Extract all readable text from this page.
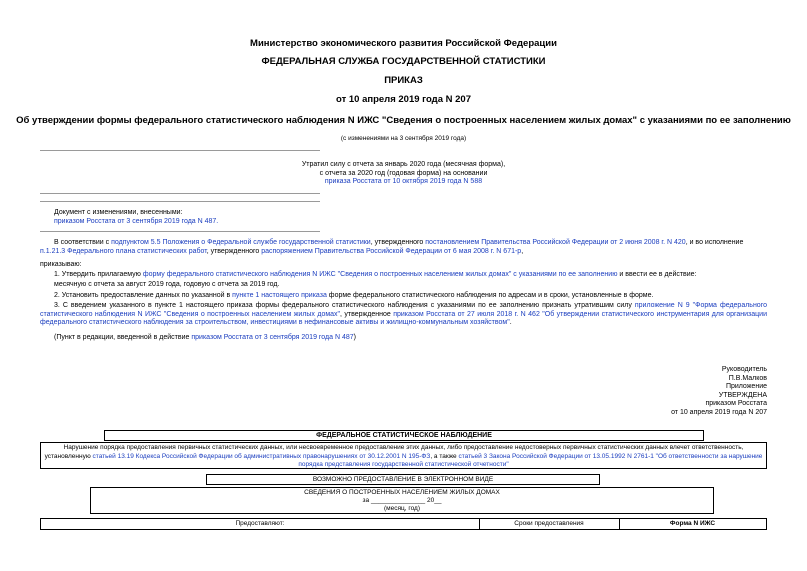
Министерство экономического развития Российской Федерации
ФЕДЕРАЛЬНАЯ СЛУЖБА ГОСУДАРСТВЕННОЙ СТАТИСТИКИ
ПРИКАЗ
от 10 апреля 2019 года N 207
Об утверждении формы федерального статистического наблюдения N ИЖС "Сведения о построенных населением жилых домах" с указаниями по ее заполнению
(с изменениями на 3 сентября 2019 года)
Утратил силу с отчета за январь 2020 года (месячная форма),
с отчета за 2020 год (годовая форма) на основании
приказа Росстата от 10 октября 2019 года N 588
Документ с изменениями, внесенными:
приказом Росстата от 3 сентября 2019 года N 487.
В соответствии с подпунктом 5.5 Положения о Федеральной службе государственной статистики, утвержденного постановлением Правительства Российской Федерации от 2 июня 2008 г. N 420, и во исполнение п.1.21.3 Федерального плана статистических работ, утвержденного распоряжением Правительства Российской Федерации от 6 мая 2008 г. N 671-р,
приказываю:
1. Утвердить прилагаемую форму федерального статистического наблюдения N ИЖС "Сведения о построенных населением жилых домах" с указаниями по ее заполнению и ввести ее в действие:
месячную с отчета за август 2019 года, годовую с отчета за 2019 год.
2. Установить предоставление данных по указанной в пункте 1 настоящего приказа форме федерального статистического наблюдения по адресам и в сроки, установленные в форме.
3. С введением указанного в пункте 1 настоящего приказа формы федерального статистического наблюдения с указаниями по ее заполнению признать утратившим силу приложение N 9 "Форма федерального статистического наблюдения N ИЖС "Сведения о построенных населением жилых домах", утвержденное приказом Росстата от 27 июля 2018 г. N 462 "Об утверждении статистического инструментария для организации федерального статистического наблюдения за строительством, инвестициями в нефинансовые активы и жилищно-коммунальным хозяйством".
(Пункт в редакции, введенной в действие приказом Росстата от 3 сентября 2019 года N 487)
Руководитель
П.В.Малков
Приложение
УТВЕРЖДЕНА
приказом Росстата
от 10 апреля 2019 года N 207
ФЕДЕРАЛЬНОЕ СТАТИСТИЧЕСКОЕ НАБЛЮДЕНИЕ
Нарушение порядка предоставления первичных статистических данных, или несвоевременное предоставление этих данных, либо предоставление недостоверных первичных статистических данных влечет ответственность,
установленную статьей 13.19 Кодекса Российской Федерации об административных правонарушениях от 30.12.2001 N 195-ФЗ, а также статьей 3 Закона Российской Федерации от 13.05.1992 N 2761-1 "Об ответственности за нарушение порядка представления государственной статистической отчетности"
ВОЗМОЖНО ПРЕДОСТАВЛЕНИЕ В ЭЛЕКТРОННОМ ВИДЕ
СВЕДЕНИЯ О ПОСТРОЕННЫХ НАСЕЛЕНИЕМ ЖИЛЫХ ДОМАХ
за _______________ 20__
(месяц, год)
Предоставляют:	Сроки предоставления	Форма N ИЖС
